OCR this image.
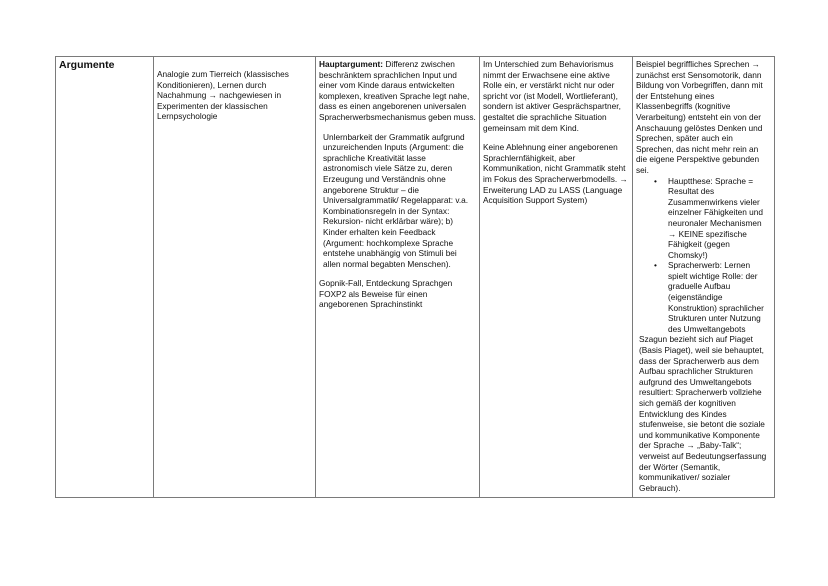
Argumente

Analogie zum Tierreich (klassisches Konditionieren), Lernen durch Nachahmung → nachgewiesen in Experimenten der klassischen Lernpsychologie

Hauptargument: Differenz zwischen beschränktem sprachlichen Input und einer vom Kinde daraus entwickelten komplexen, kreativen Sprache legt nahe, dass es einen angeborenen universalen Spracherwerbsmechanismus geben muss.
Unlernbarkeit der Grammatik aufgrund unzureichenden Inputs (Argument: die sprachliche Kreativität lasse astronomisch viele Sätze zu, deren Erzeugung und Verständnis ohne angeborene Struktur – die Universalgrammatik/ Regelapparat: v.a. Kombinationsregeln in der Syntax: Rekursion- nicht erklärbar wäre); b) Kinder erhalten kein Feedback (Argument: hochkomplexe Sprache entstehe unabhängig von Stimuli bei allen normal begabten Menschen).
Gopnik-Fall, Entdeckung Sprachgen FOXP2 als Beweise für einen angeborenen Sprachinstinkt

Im Unterschied zum Behaviorismus nimmt der Erwachsene eine aktive Rolle ein, er verstärkt nicht nur oder spricht vor (ist Modell, Wortlieferant), sondern ist aktiver Gesprächspartner, gestaltet die sprachliche Situation gemeinsam mit dem Kind.
Keine Ablehnung einer angeborenen Sprachlernfähigkeit, aber Kommunikation, nicht Grammatik steht im Fokus des Spracherwerbmodells. → Erweiterung LAD zu LASS (Language Acquisition Support System)

Beispiel begriffliches Sprechen → zunächst erst Sensomotorik, dann Bildung von Vorbegriffen, dann mit der Entstehung eines Klassenbegriffs (kognitive Verarbeitung) entsteht ein von der Anschauung gelöstes Denken und Sprechen, später auch ein Sprechen, das nicht mehr rein an die eigene Perspektive gebunden sei.
• Hauptthese: Sprache = Resultat des Zusammenwirkens vieler einzelner Fähigkeiten und neuronaler Mechanismen → KEINE spezifische Fähigkeit (gegen Chomsky!)
• Spracherwerb: Lernen spielt wichtige Rolle: der graduelle Aufbau (eigenständige Konstruktion) sprachlicher Strukturen unter Nutzung des Umweltangebots
Szagun bezieht sich auf Piaget (Basis Piaget), weil sie behauptet, dass der Spracherwerb aus dem Aufbau sprachlicher Strukturen aufgrund des Umweltangebots resultiert: Spracherwerb vollziehe sich gemäß der kognitiven Entwicklung des Kindes stufenweise, sie betont die soziale und kommunikative Komponente der Sprache → „Baby-Talk“; verweist auf Bedeutungserfassung der Wörter (Semantik, kommunikativer/ sozialer Gebrauch).
